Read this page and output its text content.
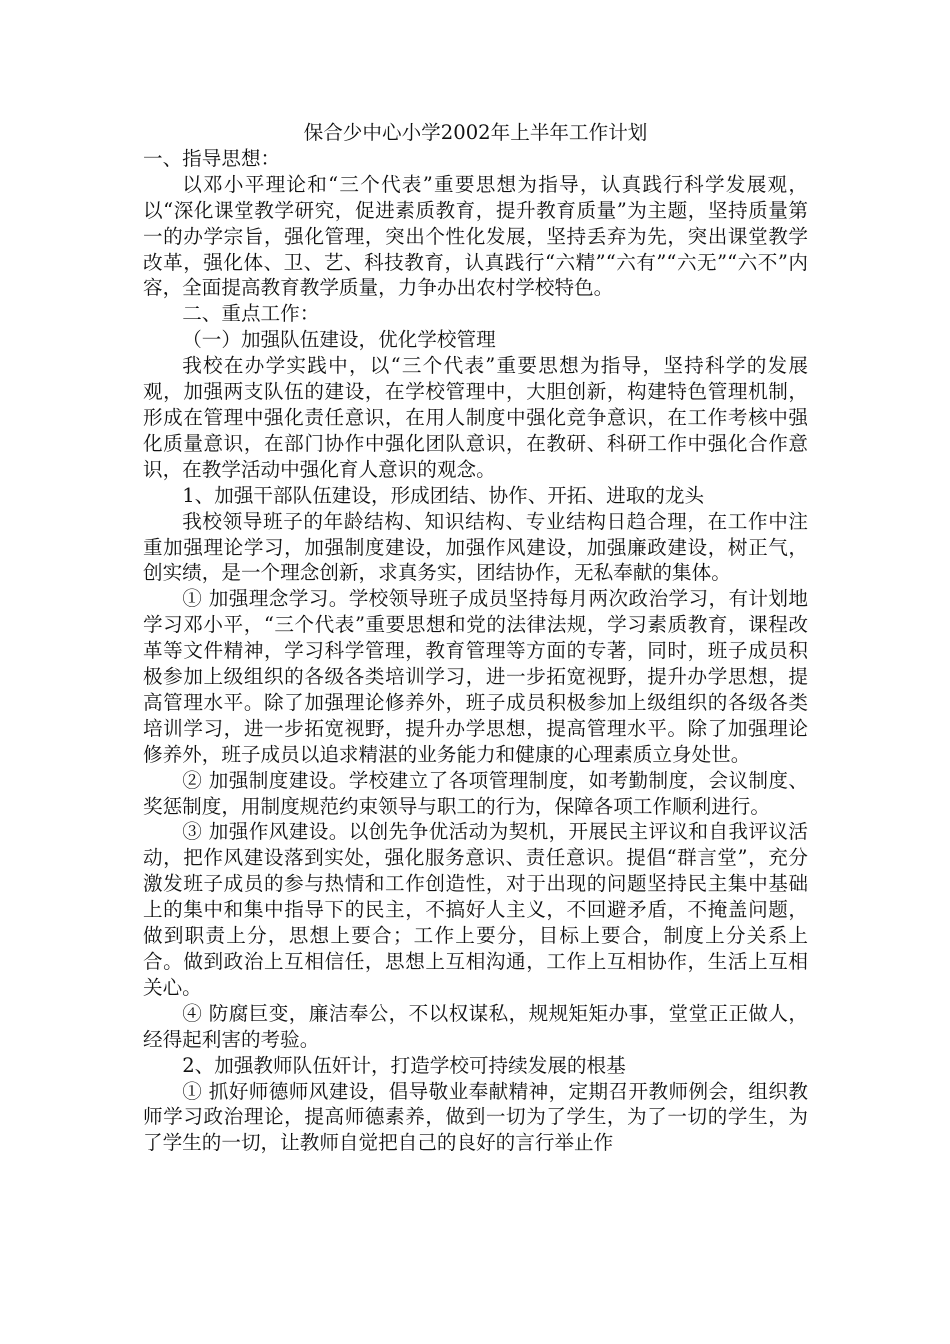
保合少中心小学2002年上半年工作计划

一、指导思想：

以邓小平理论和“三个代表”重要思想为指导，认真践行科学发展观，以“深化课堂教学研究，促进素质教育，提升教育质量”为主题，坚持质量第一的办学宗旨，强化管理，突出个性化发展，坚持丢弃为先，突出课堂教学改革，强化体、卫、艺、科技教育，认真践行“六精”“六有”“六无”“六不”内容，全面提高教育教学质量，力争办出农村学校特色。

二、重点工作：

（一）加强队伍建设，优化学校管理

我校在办学实践中，以“三个代表”重要思想为指导，坚持科学的发展观，加强两支队伍的建设，在学校管理中，大胆创新，构建特色管理机制，形成在管理中强化责任意识，在用人制度中强化竞争意识，在工作考核中强化质量意识，在部门协作中强化团队意识，在教研、科研工作中强化合作意识，在教学活动中强化育人意识的观念。

1、加强干部队伍建设，形成团结、协作、开拓、进取的龙头

我校领导班子的年龄结构、知识结构、专业结构日趋合理，在工作中注重加强理论学习，加强制度建设，加强作风建设，加强廉政建设，树正气，创实绩，是一个理念创新，求真务实，团结协作，无私奉献的集体。

① 加强理念学习。学校领导班子成员坚持每月两次政治学习，有计划地学习邓小平，“三个代表”重要思想和党的法律法规，学习素质教育，课程改革等文件精神，学习科学管理，教育管理等方面的专著，同时，班子成员积极参加上级组织的各级各类培训学习，进一步拓宽视野，提升办学思想，提高管理水平。除了加强理论修养外，班子成员积极参加上级组织的各级各类培训学习，进一步拓宽视野，提升办学思想，提高管理水平。除了加强理论修养外，班子成员以追求精湛的业务能力和健康的心理素质立身处世。

② 加强制度建设。学校建立了各项管理制度，如考勤制度，会议制度、奖惩制度，用制度规范约束领导与职工的行为，保障各项工作顺利进行。

③ 加强作风建设。以创先争优活动为契机，开展民主评议和自我评议活动，把作风建设落到实处，强化服务意识、责任意识。提倡“群言堂”，充分激发班子成员的参与热情和工作创造性，对于出现的问题坚持民主集中基础上的集中和集中指导下的民主，不搞好人主义，不回避矛盾，不掩盖问题，做到职责上分，思想上要合；工作上要分，目标上要合，制度上分关系上合。做到政治上互相信任，思想上互相沟通，工作上互相协作，生活上互相关心。

④ 防腐巨变，廉洁奉公，不以权谋私，规规矩矩办事，堂堂正正做人，经得起利害的考验。

2、加强教师队伍奸计，打造学校可持续发展的根基

① 抓好师德师风建设，倡导敬业奉献精神，定期召开教师例会，组织教师学习政治理论，提高师德素养，做到一切为了学生，为了一切的学生，为了学生的一切，让教师自觉把自己的良好的言行举止作
